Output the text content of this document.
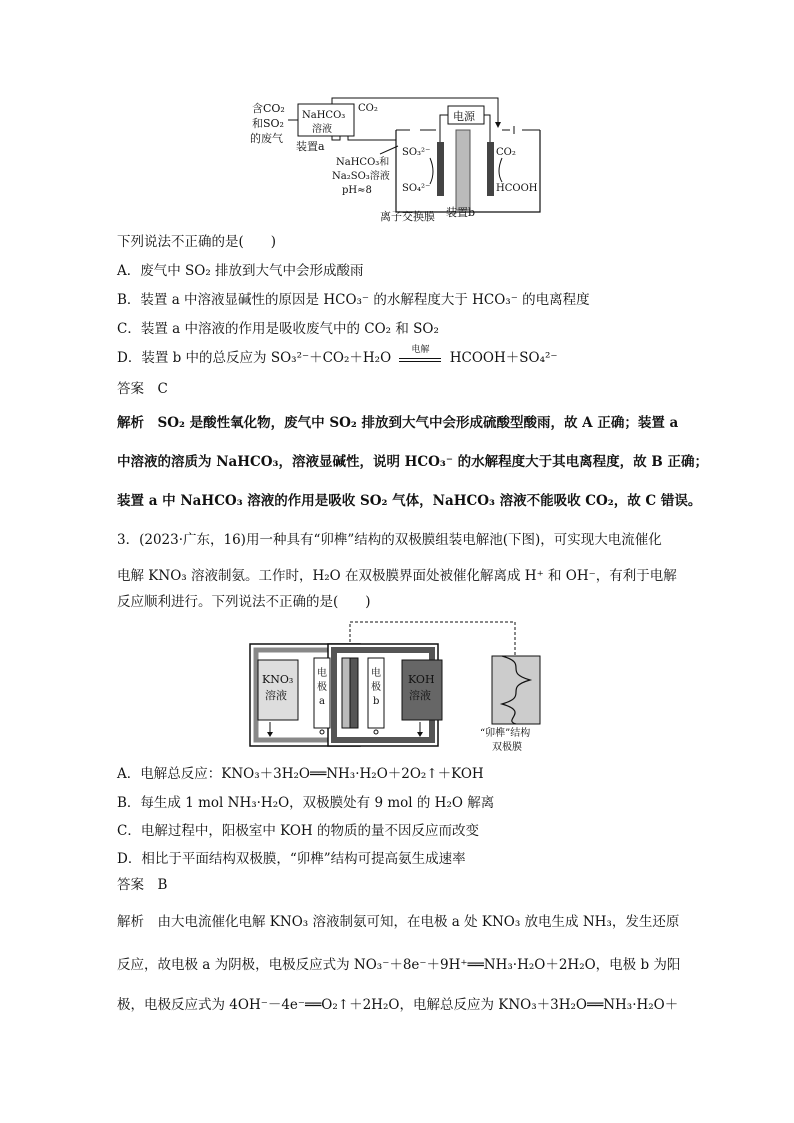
含CO₂
和SO₂
的废气
NaHCO₃
溶液
CO₂
装置a
电源
SO₃²⁻
SO₄²⁻
CO₂
HCOOH
NaHCO₃和
Na₂SO₃溶液
pH≈8
离子交换膜 装置b
下列说法不正确的是(　　)
A．废气中 SO₂ 排放到大气中会形成酸雨
B．装置 a 中溶液显碱性的原因是 HCO₃⁻ 的水解程度大于 HCO₃⁻ 的电离程度
C．装置 a 中溶液的作用是吸收废气中的 CO₂ 和 SO₂
D．装置 b 中的总反应为 SO₃²⁻＋CO₂＋H₂O	电解	HCOOH＋SO₄²⁻
答案　C
解析　SO₂ 是酸性氧化物，废气中 SO₂ 排放到大气中会形成硫酸型酸雨，故 A 正确；装置 a
中溶液的溶质为 NaHCO₃，溶液显碱性，说明 HCO₃⁻ 的水解程度大于其电离程度，故 B 正确；
装置 a 中 NaHCO₃ 溶液的作用是吸收 SO₂ 气体，NaHCO₃ 溶液不能吸收 CO₂，故 C 错误。
3．(2023·广东，16)用一种具有“卯榫”结构的双极膜组装电解池(下图)，可实现大电流催化
电解 KNO₃ 溶液制氨。工作时，H₂O 在双极膜界面处被催化解离成 H⁺ 和 OH⁻，有利于电解
反应顺利进行。下列说法不正确的是(　　)
KNO₃
溶液
KOH
溶液
电
极
a
电
极
b
“卯榫”结构
双极膜
A．电解总反应：KNO₃＋3H₂O══NH₃·H₂O＋2O₂↑＋KOH
B．每生成 1 mol NH₃·H₂O，双极膜处有 9 mol 的 H₂O 解离
C．电解过程中，阳极室中 KOH 的物质的量不因反应而改变
D．相比于平面结构双极膜，“卯榫”结构可提高氨生成速率
答案　B
解析　由大电流催化电解 KNO₃ 溶液制氨可知，在电极 a 处 KNO₃ 放电生成 NH₃，发生还原
反应，故电极 a 为阴极，电极反应式为 NO₃⁻＋8e⁻＋9H⁺══NH₃·H₂O＋2H₂O，电极 b 为阳
极，电极反应式为 4OH⁻－4e⁻══O₂↑＋2H₂O，电解总反应为 KNO₃＋3H₂O══NH₃·H₂O＋
